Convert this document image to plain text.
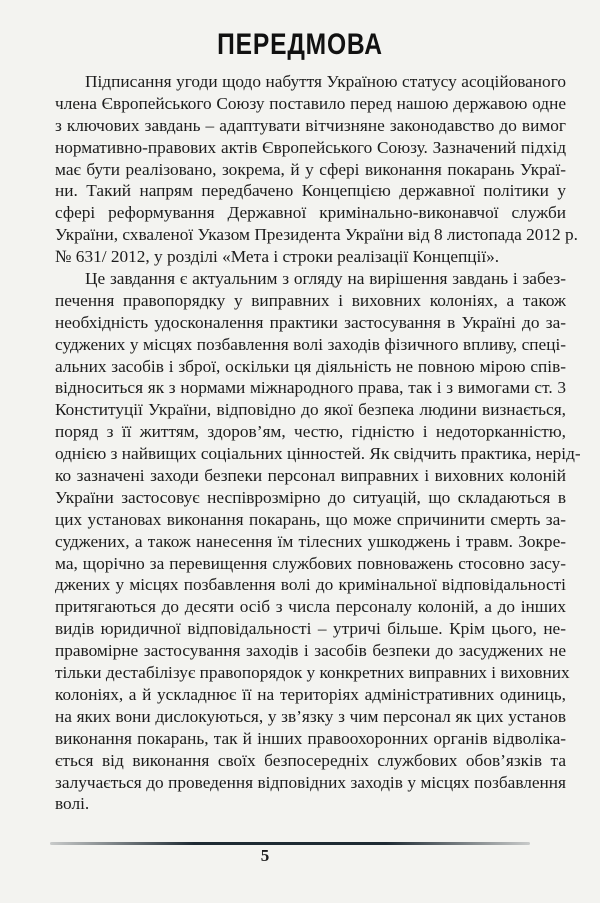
ПЕРЕДМОВА
Підписання угоди щодо набуття Україною статусу асоційованого
члена Європейського Союзу поставило перед нашою державою одне
з ключових завдань – адаптувати вітчизняне законодавство до вимог
нормативно-правових актів Європейського Союзу. Зазначений підхід
має бути реалізовано, зокрема, й у сфері виконання покарань Украї-
ни. Такий напрям передбачено Концепцією державної політики у
сфері реформування Державної кримінально-виконавчої служби
України, схваленої Указом Президента України від 8 листопада 2012 р.
№ 631/ 2012, у розділі «Мета і строки реалізації Концепції».
Це завдання є актуальним з огляду на вирішення завдань і забез-
печення правопорядку у виправних і виховних колоніях, а також
необхідність удосконалення практики застосування в Україні до за-
суджених у місцях позбавлення волі заходів фізичного впливу, спеці-
альних засобів і зброї, оскільки ця діяльність не повною мірою спів-
відноситься як з нормами міжнародного права, так і з вимогами ст. 3
Конституції України, відповідно до якої безпека людини визнається,
поряд з її життям, здоров’ям, честю, гідністю і недоторканністю,
однією з найвищих соціальних цінностей. Як свідчить практика, нерід-
ко зазначені заходи безпеки персонал виправних і виховних колоній
України застосовує неспіврозмірно до ситуацій, що складаються в
цих установах виконання покарань, що може спричинити смерть за-
суджених, а також нанесення їм тілесних ушкоджень і травм. Зокре-
ма, щорічно за перевищення службових повноважень стосовно засу-
джених у місцях позбавлення волі до кримінальної відповідальності
притягаються до десяти осіб з числа персоналу колоній, а до інших
видів юридичної відповідальності – утричі більше. Крім цього, не-
правомірне застосування заходів і засобів безпеки до засуджених не
тільки дестабілізує правопорядок у конкретних виправних і виховних
колоніях, а й ускладнює її на територіях адміністративних одиниць,
на яких вони дислокуються, у зв’язку з чим персонал як цих установ
виконання покарань, так й інших правоохоронних органів відволіка-
ється від виконання своїх безпосередніх службових обов’язків та
залучається до проведення відповідних заходів у місцях позбавлення
волі.
5
